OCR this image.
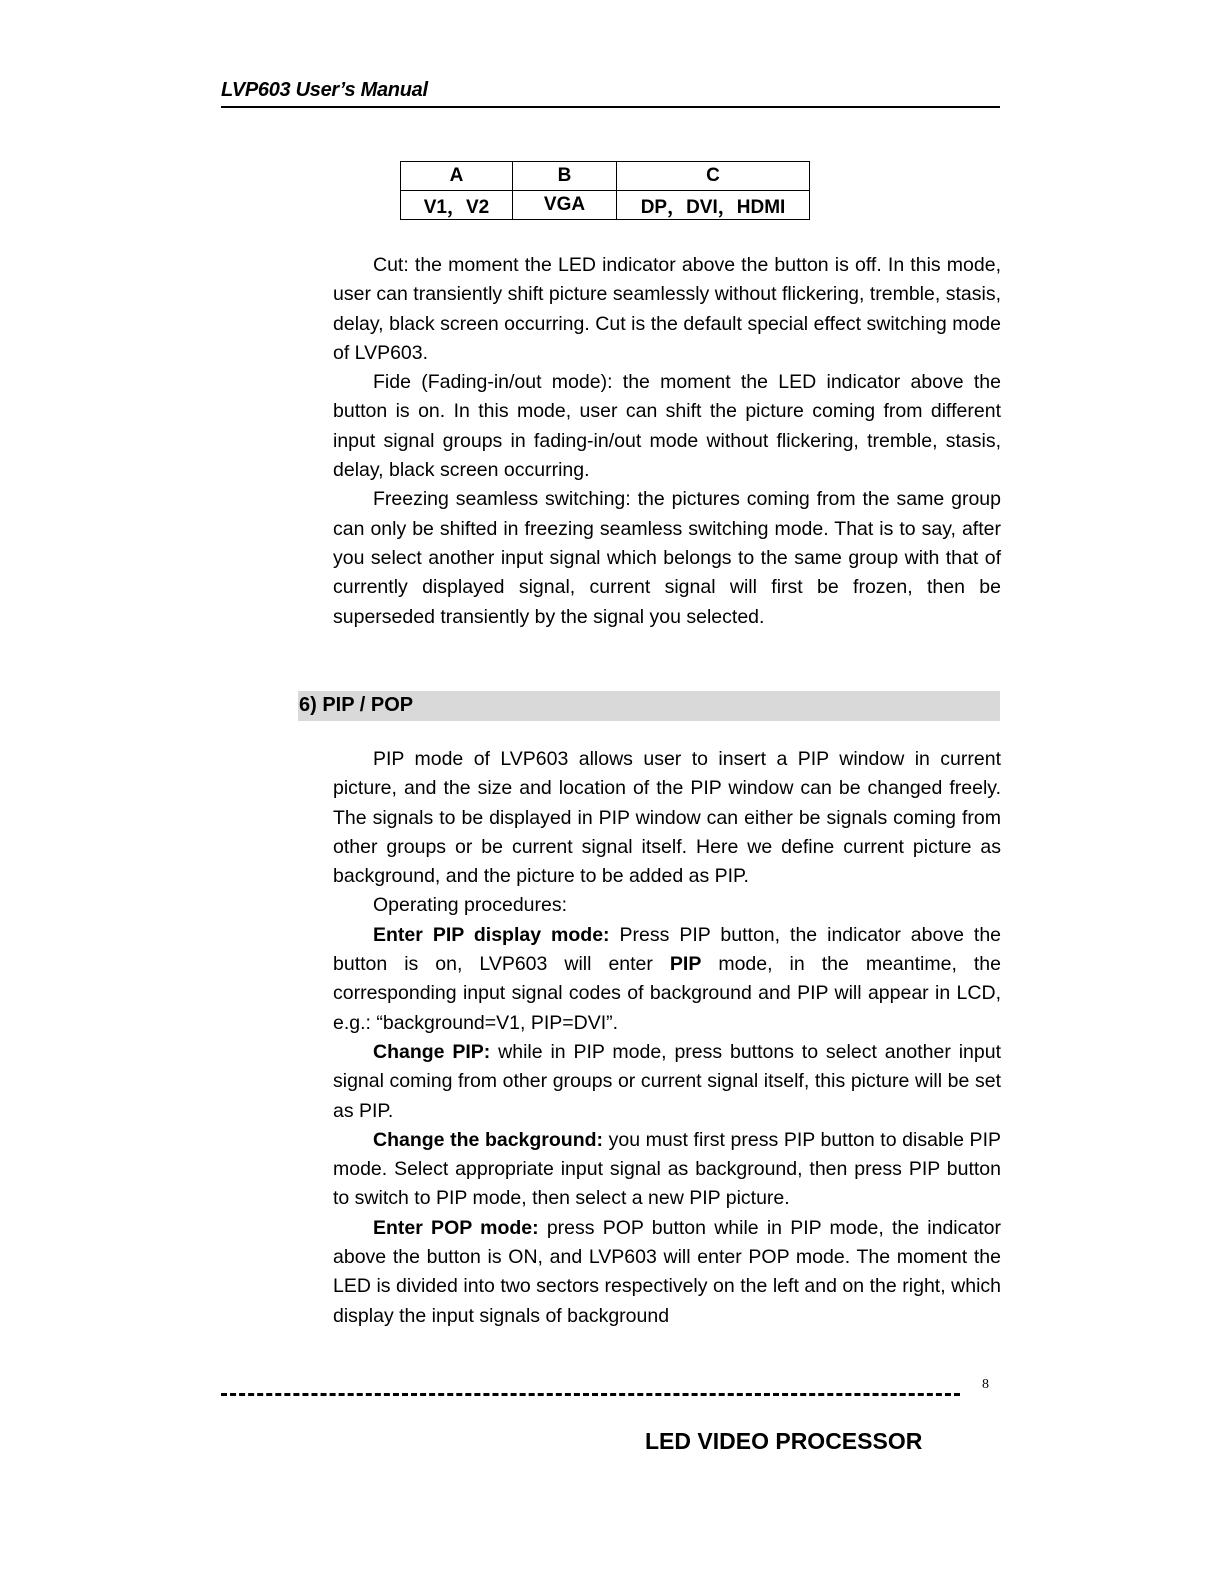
LVP603 User’s Manual
A	B	C
V1，V2	VGA	DP，DVI，HDMI

Cut: the moment the LED indicator above the button is off. In this mode, user can transiently shift picture seamlessly without flickering, tremble, stasis, delay, black screen occurring. Cut is the default special effect switching mode of LVP603.

Fide (Fading-in/out mode): the moment the LED indicator above the button is on. In this mode, user can shift the picture coming from different input signal groups in fading-in/out mode without flickering, tremble, stasis, delay, black screen occurring.

Freezing seamless switching: the pictures coming from the same group can only be shifted in freezing seamless switching mode. That is to say, after you select another input signal which belongs to the same group with that of currently displayed signal, current signal will first be frozen, then be superseded transiently by the signal you selected.

6) PIP / POP

PIP mode of LVP603 allows user to insert a PIP window in current picture, and the size and location of the PIP window can be changed freely. The signals to be displayed in PIP window can either be signals coming from other groups or be current signal itself. Here we define current picture as background, and the picture to be added as PIP.

Operating procedures:

Enter PIP display mode: Press PIP button, the indicator above the button is on, LVP603 will enter PIP mode, in the meantime, the corresponding input signal codes of background and PIP will appear in LCD, e.g.: “background=V1, PIP=DVI”.

Change PIP: while in PIP mode, press buttons to select another input signal coming from other groups or current signal itself, this picture will be set as PIP.

Change the background: you must first press PIP button to disable PIP mode. Select appropriate input signal as background, then press PIP button to switch to PIP mode, then select a new PIP picture.

Enter POP mode: press POP button while in PIP mode, the indicator above the button is ON, and LVP603 will enter POP mode. The moment the LED is divided into two sectors respectively on the left and on the right, which display the input signals of background

8
LED VIDEO PROCESSOR
